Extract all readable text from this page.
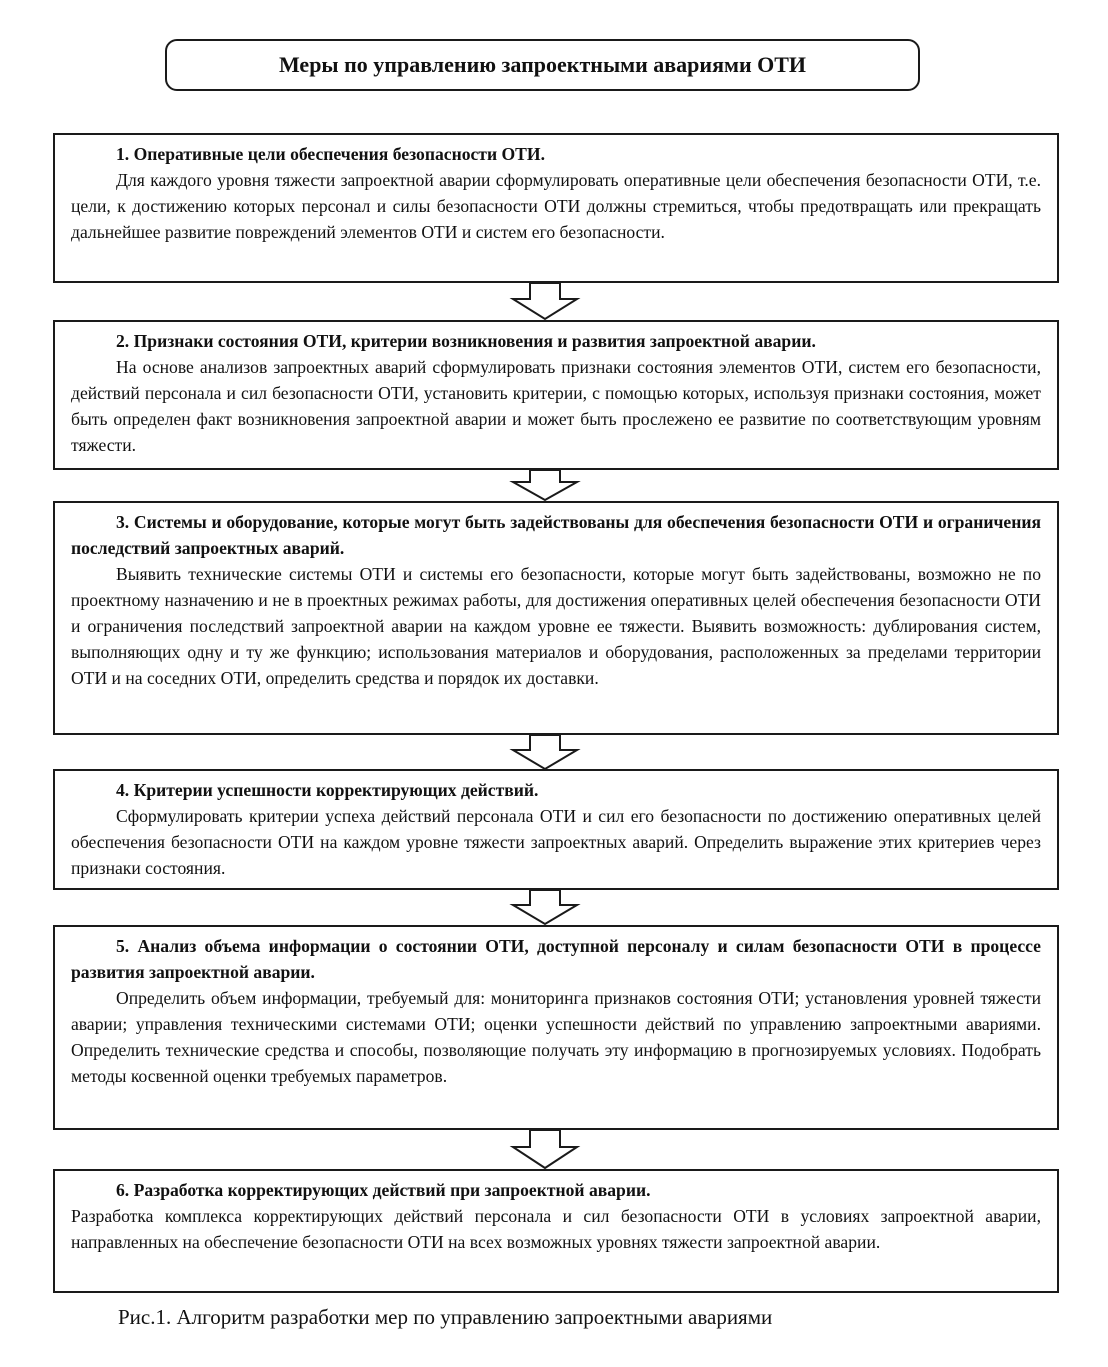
Меры по управлению запроектными авариями ОТИ

1. Оперативные цели обеспечения безопасности ОТИ.

Для каждого уровня тяжести запроектной аварии сформулировать оперативные цели обеспечения безопасности ОТИ, т.е. цели, к достижению которых персонал и силы безопасности ОТИ должны стремиться, чтобы предотвращать или прекращать дальнейшее развитие повреждений элементов ОТИ и систем его безопасности.

2. Признаки состояния ОТИ, критерии возникновения и развития запроектной аварии.

На основе анализов запроектных аварий сформулировать признаки состояния элементов ОТИ, систем его безопасности, действий персонала и сил безопасности ОТИ, установить критерии, с помощью которых, используя признаки состояния, может быть определен факт возникновения запроектной аварии и может быть прослежено ее развитие по соответствующим уровням тяжести.

3. Системы и оборудование, которые могут быть задействованы для обеспечения безопасности ОТИ и ограничения последствий запроектных аварий.

Выявить технические системы ОТИ и системы его безопасности, которые могут быть задействованы, возможно не по проектному назначению и не в проектных режимах работы, для достижения оперативных целей обеспечения безопасности ОТИ и ограничения последствий запроектной аварии на каждом уровне ее тяжести. Выявить возможность: дублирования систем, выполняющих одну и ту же функцию; использования материалов и оборудования, расположенных за пределами территории ОТИ и на соседних ОТИ, определить средства и порядок их доставки.

4. Критерии успешности корректирующих действий.

Сформулировать критерии успеха действий персонала ОТИ и сил его безопасности по достижению оперативных целей обеспечения безопасности ОТИ на каждом уровне тяжести запроектных аварий. Определить выражение этих критериев через признаки состояния.

5. Анализ объема информации о состоянии ОТИ, доступной персоналу и силам безопасности ОТИ в процессе развития запроектной аварии.

Определить объем информации, требуемый для: мониторинга признаков состояния ОТИ; установления уровней тяжести аварии; управления техническими системами ОТИ; оценки успешности действий по управлению запроектными авариями. Определить технические средства и способы, позволяющие получать эту информацию в прогнозируемых условиях. Подобрать методы косвенной оценки требуемых параметров.

6. Разработка корректирующих действий при запроектной аварии.

Разработка комплекса корректирующих действий персонала и сил безопасности ОТИ в условиях запроектной аварии, направленных на обеспечение безопасности ОТИ на всех возможных уровнях тяжести запроектной аварии.

Рис.1. Алгоритм разработки мер по управлению запроектными авариями
